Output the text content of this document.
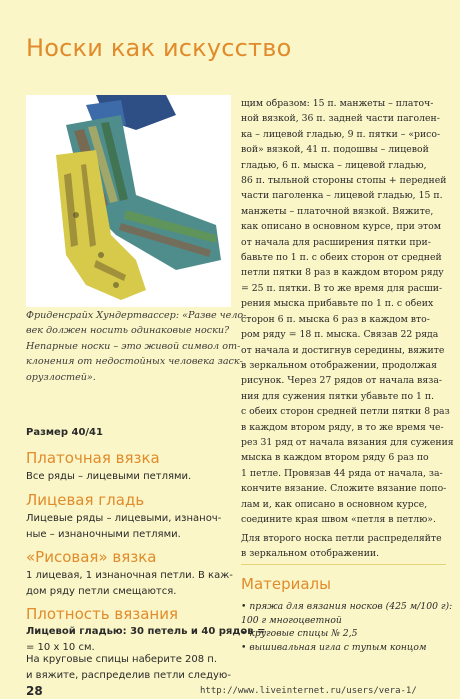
Носки как искусство
Фриденсрайх Хундертвассер: «Разве чело-
век должен носить одинаковые носки?
Непарные носки – это живой символ от-
клонения от недостойных человека заск-
орузлостей».
Размер 40/41
Платочная вязка
Все ряды – лицевыми петлями.
Лицевая гладь
Лицевые ряды – лицевыми, изнаноч-
ные – изнаночными петлями.
«Рисовая» вязка
1 лицевая, 1 изнаночная петли. В каж-
дом ряду петли смещаются.
Плотность вязания
Лицевой гладью: 30 петель и 40 рядов =
= 10 x 10 см.
На круговые спицы наберите 208 п.
и вяжите, распределив петли следую-
щим образом: 15 п. манжеты – платоч-
ной вязкой, 36 п. задней части паголен-
ка – лицевой гладью, 9 п. пятки – «рисо-
вой» вязкой, 41 п. подошвы – лицевой
гладью, 6 п. мыска – лицевой гладью,
86 п. тыльной стороны стопы + передней
части паголенка – лицевой гладью, 15 п.
манжеты – платочной вязкой. Вяжите,
как описано в основном курсе, при этом
от начала для расширения пятки при-
бавьте по 1 п. с обеих сторон от средней
петли пятки 8 раз в каждом втором ряду
= 25 п. пятки. В то же время для расши-
рения мыска прибавьте по 1 п. с обеих
сторон 6 п. мыска 6 раз в каждом вто-
ром ряду = 18 п. мыска. Связав 22 ряда
от начала и достигнув середины, вяжите
в зеркальном отображении, продолжая
рисунок. Через 27 рядов от начала вяза-
ния для сужения пятки убавьте по 1 п.
с обеих сторон средней петли пятки 8 раз
в каждом втором ряду, в то же время че-
рез 31 ряд от начала вязания для сужения
мыска в каждом втором ряду 6 раз по
1 петле. Провязав 44 ряда от начала, за-
кончите вязание. Сложите вязание попо-
лам и, как описано в основном курсе,
соедините края швом «петля в петлю».
Для второго носка петли распределяйте
в зеркальном отображении.
Материалы
• пряжа для вязания носков (425 м/100 г):
100 г многоцветной
• круговые спицы № 2,5
• вышивальная игла с тупым концом
28	http://www.liveinternet.ru/users/vera-1/
